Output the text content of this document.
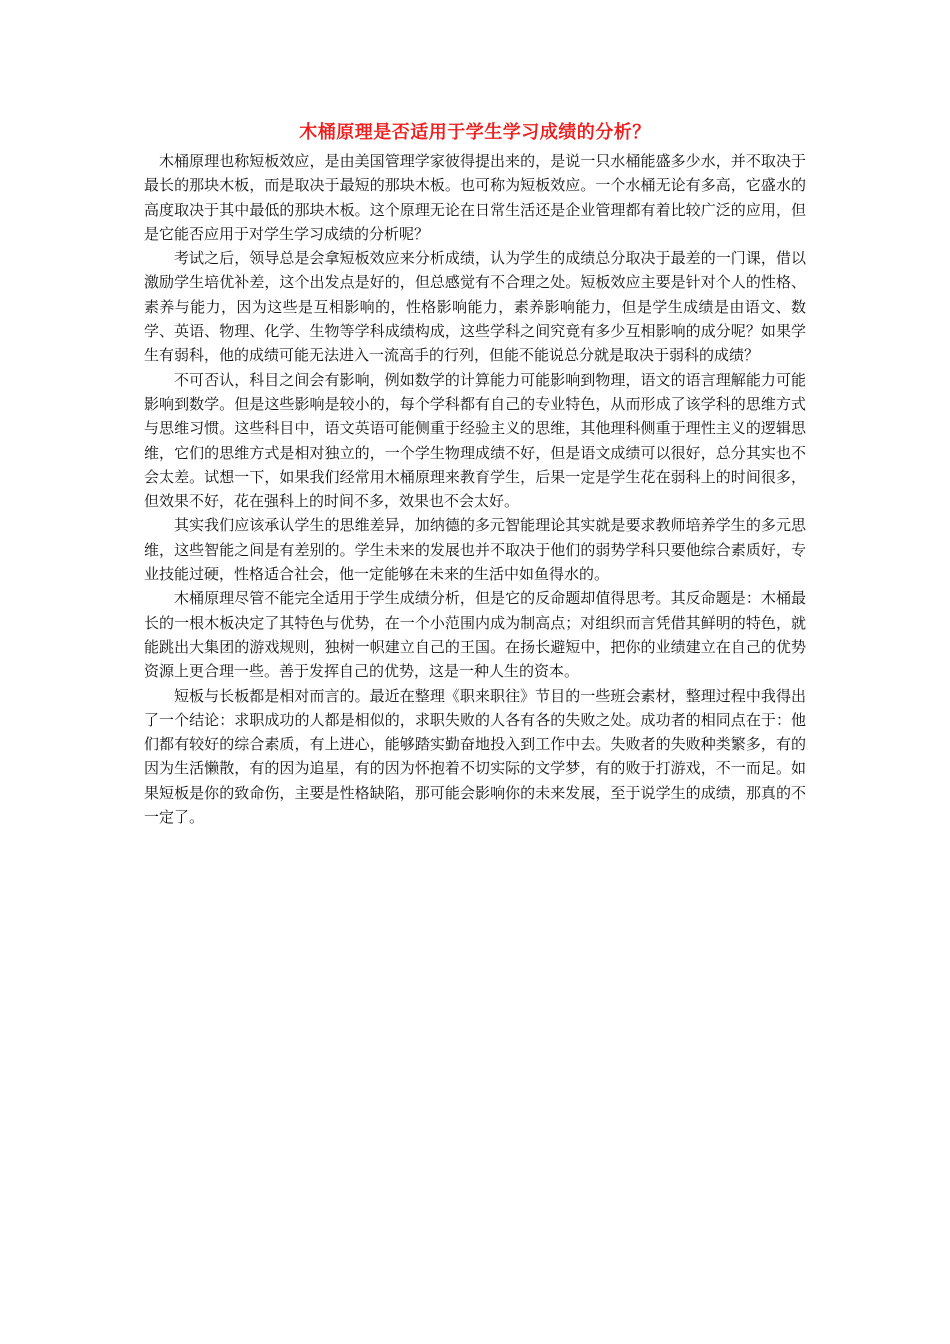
木桶原理是否适用于学生学习成绩的分析？

木桶原理也称短板效应，是由美国管理学家彼得提出来的，是说一只水桶能盛多少水，并不取决于最长的那块木板，而是取决于最短的那块木板。也可称为短板效应。一个水桶无论有多高，它盛水的高度取决于其中最低的那块木板。这个原理无论在日常生活还是企业管理都有着比较广泛的应用，但是它能否应用于对学生学习成绩的分析呢？

考试之后，领导总是会拿短板效应来分析成绩，认为学生的成绩总分取决于最差的一门课，借以激励学生培优补差，这个出发点是好的，但总感觉有不合理之处。短板效应主要是针对个人的性格、素养与能力，因为这些是互相影响的，性格影响能力，素养影响能力，但是学生成绩是由语文、数学、英语、物理、化学、生物等学科成绩构成，这些学科之间究竟有多少互相影响的成分呢？如果学生有弱科，他的成绩可能无法进入一流高手的行列，但能不能说总分就是取决于弱科的成绩？

不可否认，科目之间会有影响，例如数学的计算能力可能影响到物理，语文的语言理解能力可能影响到数学。但是这些影响是较小的，每个学科都有自己的专业特色，从而形成了该学科的思维方式与思维习惯。这些科目中，语文英语可能侧重于经验主义的思维，其他理科侧重于理性主义的逻辑思维，它们的思维方式是相对独立的，一个学生物理成绩不好，但是语文成绩可以很好，总分其实也不会太差。试想一下，如果我们经常用木桶原理来教育学生，后果一定是学生花在弱科上的时间很多，但效果不好，花在强科上的时间不多，效果也不会太好。

其实我们应该承认学生的思维差异，加纳德的多元智能理论其实就是要求教师培养学生的多元思维，这些智能之间是有差别的。学生未来的发展也并不取决于他们的弱势学科只要他综合素质好，专业技能过硬，性格适合社会，他一定能够在未来的生活中如鱼得水的。

木桶原理尽管不能完全适用于学生成绩分析，但是它的反命题却值得思考。其反命题是：木桶最长的一根木板决定了其特色与优势，在一个小范围内成为制高点；对组织而言凭借其鲜明的特色，就能跳出大集团的游戏规则，独树一帜建立自己的王国。在扬长避短中，把你的业绩建立在自己的优势资源上更合理一些。善于发挥自己的优势，这是一种人生的资本。

短板与长板都是相对而言的。最近在整理《职来职往》节目的一些班会素材，整理过程中我得出了一个结论：求职成功的人都是相似的，求职失败的人各有各的失败之处。成功者的相同点在于：他们都有较好的综合素质，有上进心，能够踏实勤奋地投入到工作中去。失败者的失败种类繁多，有的因为生活懒散，有的因为追星，有的因为怀抱着不切实际的文学梦，有的败于打游戏，不一而足。如果短板是你的致命伤，主要是性格缺陷，那可能会影响你的未来发展，至于说学生的成绩，那真的不一定了。
